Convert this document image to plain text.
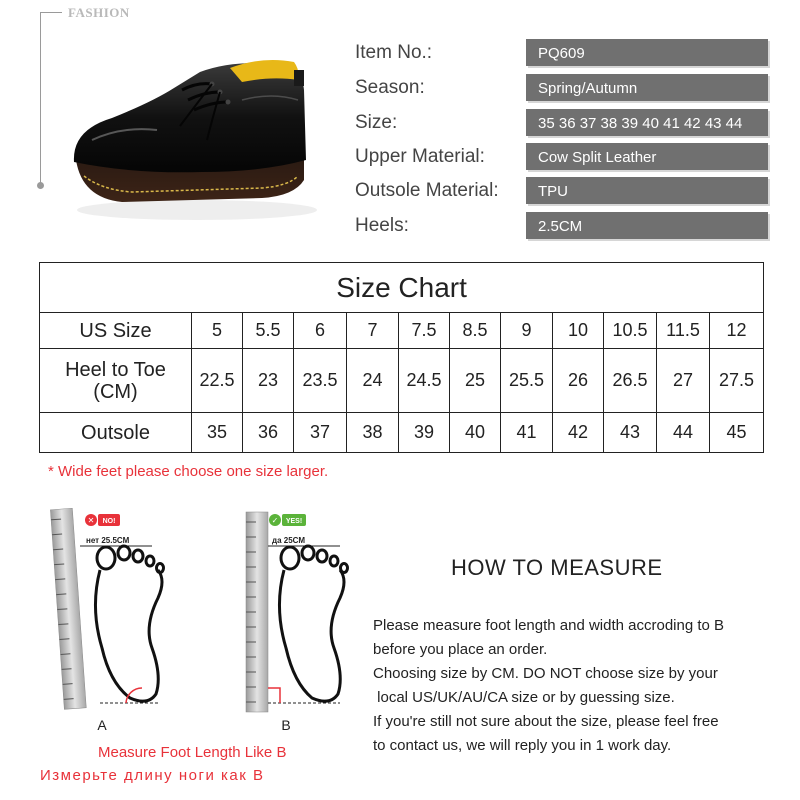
FASHION
Item No.:	PQ609
Season:	Spring/Autumn
Size:	35 36 37 38 39 40 41 42 43 44
Upper Material:	Cow Split Leather
Outsole Material:	TPU
Heels:	2.5CM
Size Chart											
US Size	5	5.5	6	7	7.5	8.5	9	10	10.5	11.5	12

Heel to Toe
(CM)	22.5	23	23.5	24	24.5	25	25.5	26	26.5	27	27.5
Outsole	35	36	37	38	39	40	41	42	43	44	45
* Wide feet please choose one size larger.
✕ NO!
нет 25.5CM
✓ YES!
да 25CM
A	B
Measure Foot Length Like B
Измерьте длину ноги как В
HOW TO MEASURE
Please measure foot length and width accroding to B
before you place an order.
Choosing size by CM. DO NOT choose size by your
local US/UK/AU/CA size or by guessing size.
If you're still not sure about the size, please feel free
to contact us, we will reply you in 1 work day.
